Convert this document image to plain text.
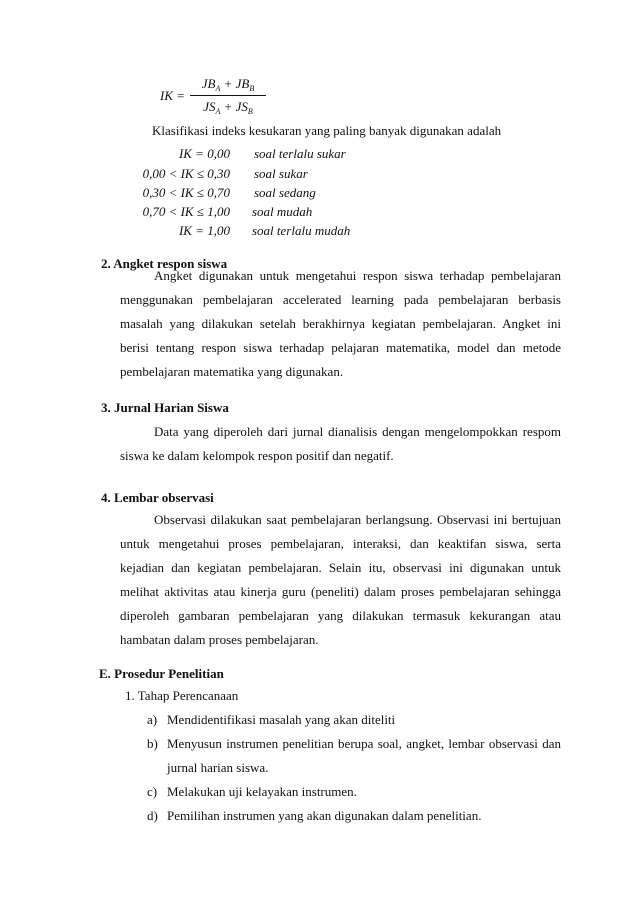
IK =
$JB_A + JB_B$
$JS_A + JS_B$
Klasifikasi indeks kesukaran yang paling banyak digunakan adalah
IK = 0,00 soal terlalu sukar
0,00 < IK ≤ 0,30 soal sukar
0,30 < IK ≤ 0,70 soal sedang
0,70 < IK ≤ 1,00 soal mudah
IK = 1,00 soal terlalu mudah
2. Angket respon siswa
Angket digunakan untuk mengetahui respon siswa terhadap pembelajaran menggunakan pembelajaran accelerated learning pada pembelajaran berbasis masalah yang dilakukan setelah berakhirnya kegiatan pembelajaran. Angket ini berisi tentang respon siswa terhadap pelajaran matematika, model dan metode pembelajaran matematika yang digunakan.
3. Jurnal Harian Siswa
Data yang diperoleh dari jurnal dianalisis dengan mengelompokkan respom siswa ke dalam kelompok respon positif dan negatif.
4. Lembar observasi
Observasi dilakukan saat pembelajaran berlangsung. Observasi ini bertujuan untuk mengetahui proses pembelajaran, interaksi, dan keaktifan siswa, serta kejadian dan kegiatan pembelajaran. Selain itu, observasi ini digunakan untuk melihat aktivitas atau kinerja guru (peneliti) dalam proses pembelajaran sehingga diperoleh gambaran pembelajaran yang dilakukan termasuk kekurangan atau hambatan dalam proses pembelajaran.
E. Prosedur Penelitian
1. Tahap Perencanaan
a) Mendidentifikasi masalah yang akan diteliti
b) Menyusun instrumen penelitian berupa soal, angket, lembar observasi dan
jurnal harian siswa.
c) Melakukan uji kelayakan instrumen.
d) Pemilihan instrumen yang akan digunakan dalam penelitian.
